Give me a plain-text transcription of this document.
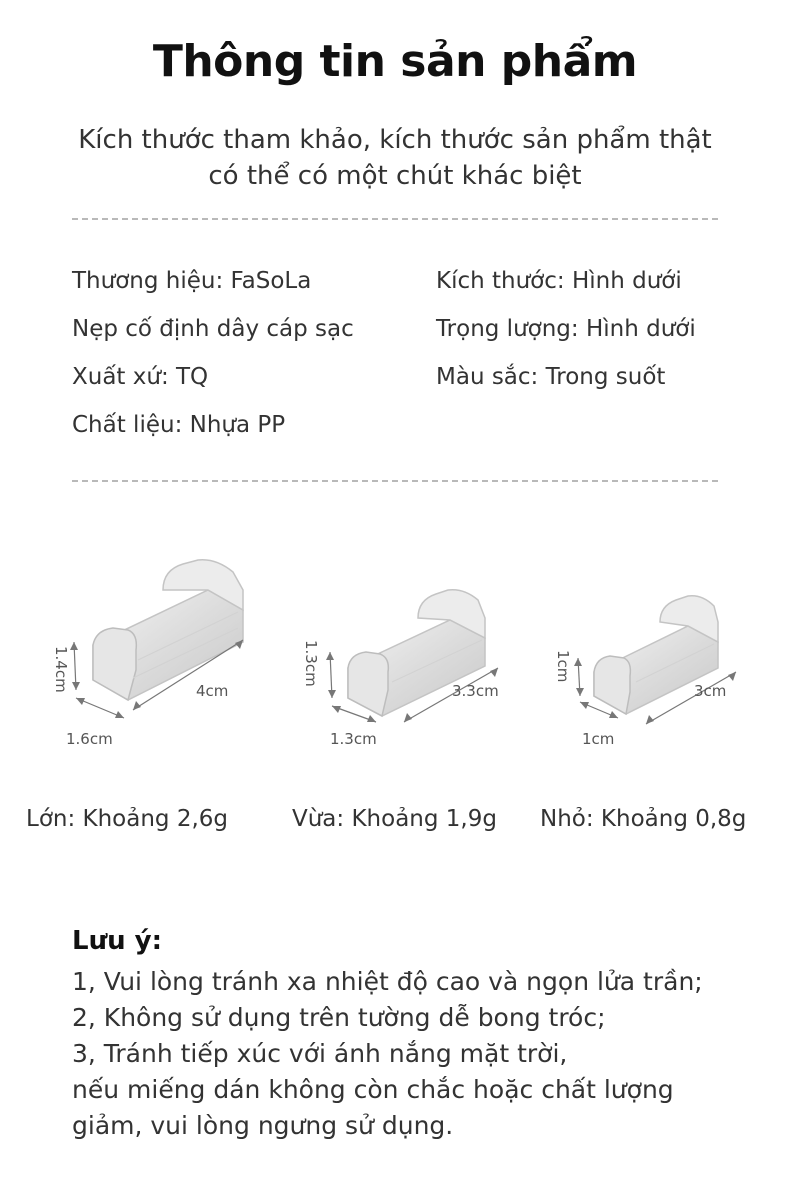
Thông tin sản phẩm
Kích thước tham khảo, kích thước sản phẩm thật
có thể có một chút khác biệt
Thương hiệu: FaSoLa
Nẹp cố định dây cáp sạc
Xuất xứ: TQ
Chất liệu: Nhựa PP
Kích thước: Hình dưới
Trọng lượng: Hình dưới
Màu sắc: Trong suốt
1.4cm
1.6cm
4cm
1.3cm
1.3cm
3.3cm
1cm
1cm
3cm
Lớn: Khoảng 2,6g	Vừa: Khoảng 1,9g Nhỏ: Khoảng 0,8g
Lưu ý:
1, Vui lòng tránh xa nhiệt độ cao và ngọn lửa trần;
2, Không sử dụng trên tường dễ bong tróc;
3, Tránh tiếp xúc với ánh nắng mặt trời,
nếu miếng dán không còn chắc hoặc chất lượng
giảm, vui lòng ngưng sử dụng.
